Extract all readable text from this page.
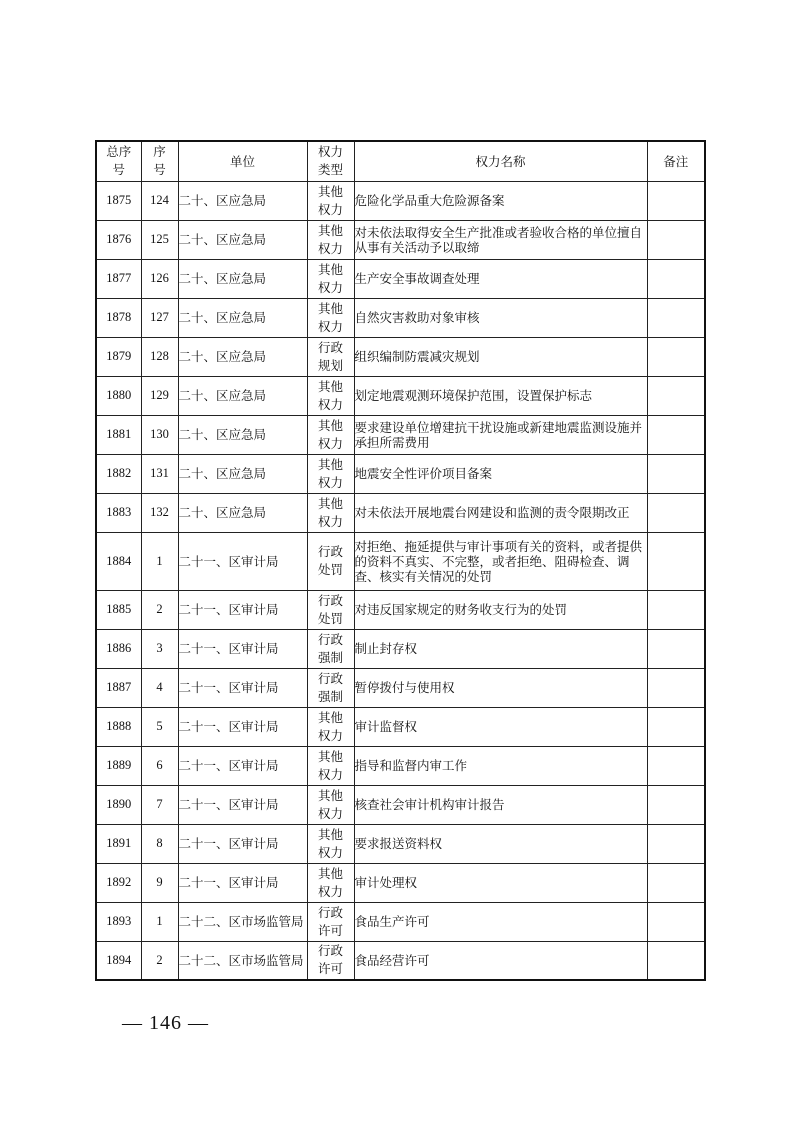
总序号	序号	单位	权力类型	权力名称	备注
1875	124	二十、区应急局	其他权力	危险化学品重大危险源备案	
1876	125	二十、区应急局	其他权力	对未依法取得安全生产批准或者验收合格的单位擅自从事有关活动予以取缔	
1877	126	二十、区应急局	其他权力	生产安全事故调查处理	
1878	127	二十、区应急局	其他权力	自然灾害救助对象审核	
1879	128	二十、区应急局	行政规划	组织编制防震减灾规划	
1880	129	二十、区应急局	其他权力	划定地震观测环境保护范围，设置保护标志	
1881	130	二十、区应急局	其他权力	要求建设单位增建抗干扰设施或新建地震监测设施并承担所需费用	
1882	131	二十、区应急局	其他权力	地震安全性评价项目备案	
1883	132	二十、区应急局	其他权力	对未依法开展地震台网建设和监测的责令限期改正	
1884	1	二十一、区审计局	行政处罚	对拒绝、拖延提供与审计事项有关的资料，或者提供的资料不真实、不完整，或者拒绝、阻碍检查、调查、核实有关情况的处罚	
1885	2	二十一、区审计局	行政处罚	对违反国家规定的财务收支行为的处罚	
1886	3	二十一、区审计局	行政强制	制止封存权	
1887	4	二十一、区审计局	行政强制	暂停拨付与使用权	
1888	5	二十一、区审计局	其他权力	审计监督权	
1889	6	二十一、区审计局	其他权力	指导和监督内审工作	
1890	7	二十一、区审计局	其他权力	核查社会审计机构审计报告	
1891	8	二十一、区审计局	其他权力	要求报送资料权	
1892	9	二十一、区审计局	其他权力	审计处理权	
1893	1	二十二、区市场监管局	行政许可	食品生产许可	
1894	2	二十二、区市场监管局	行政许可	食品经营许可	
— 146 —
